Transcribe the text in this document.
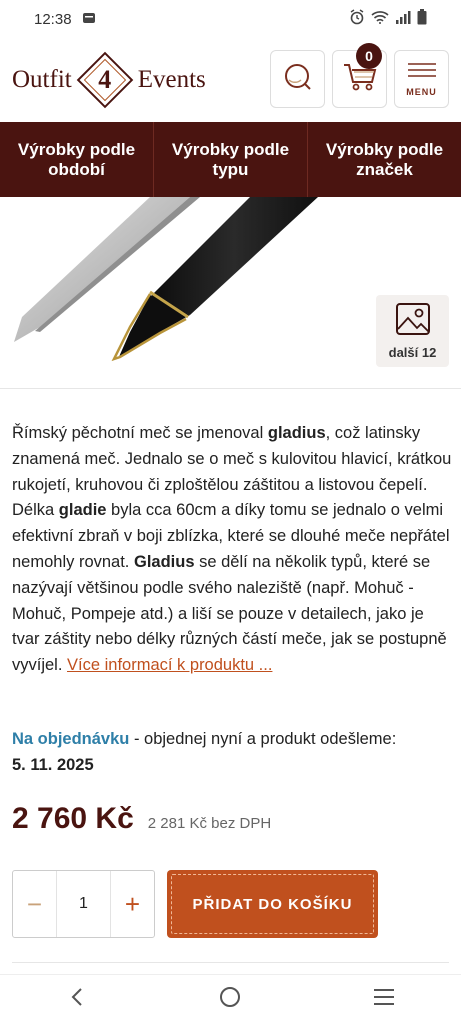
12:38
Outfit 4 Events
0
MENU
Výrobky podle období
Výrobky podle typu
Výrobky podle značek
další 12
Římský pěchotní meč se jmenoval gladius, což latinsky znamená meč. Jednalo se o meč s kulovitou hlavicí, krátkou rukojetí, kruhovou či zploštělou záštitou a listovou čepelí. Délka gladie byla cca 60cm a díky tomu se jednalo o velmi efektivní zbraň v boji zblízka, které se dlouhé meče nepřátel nemohly rovnat. Gladius se dělí na několik typů, které se nazývají většinou podle svého naleziště (např. Mohuč - Mohuč, Pompeje atd.) a liší se pouze v detailech, jako je tvar záštity nebo délky různých částí meče, jak se postupně vyvíjel. Více informací k produktu ...
Na objednávku - objednej nyní a produkt odešleme:
5. 11. 2025
2 760 Kč 2 281 Kč bez DPH
−	1	+	PŘIDAT DO KOŠÍKU
